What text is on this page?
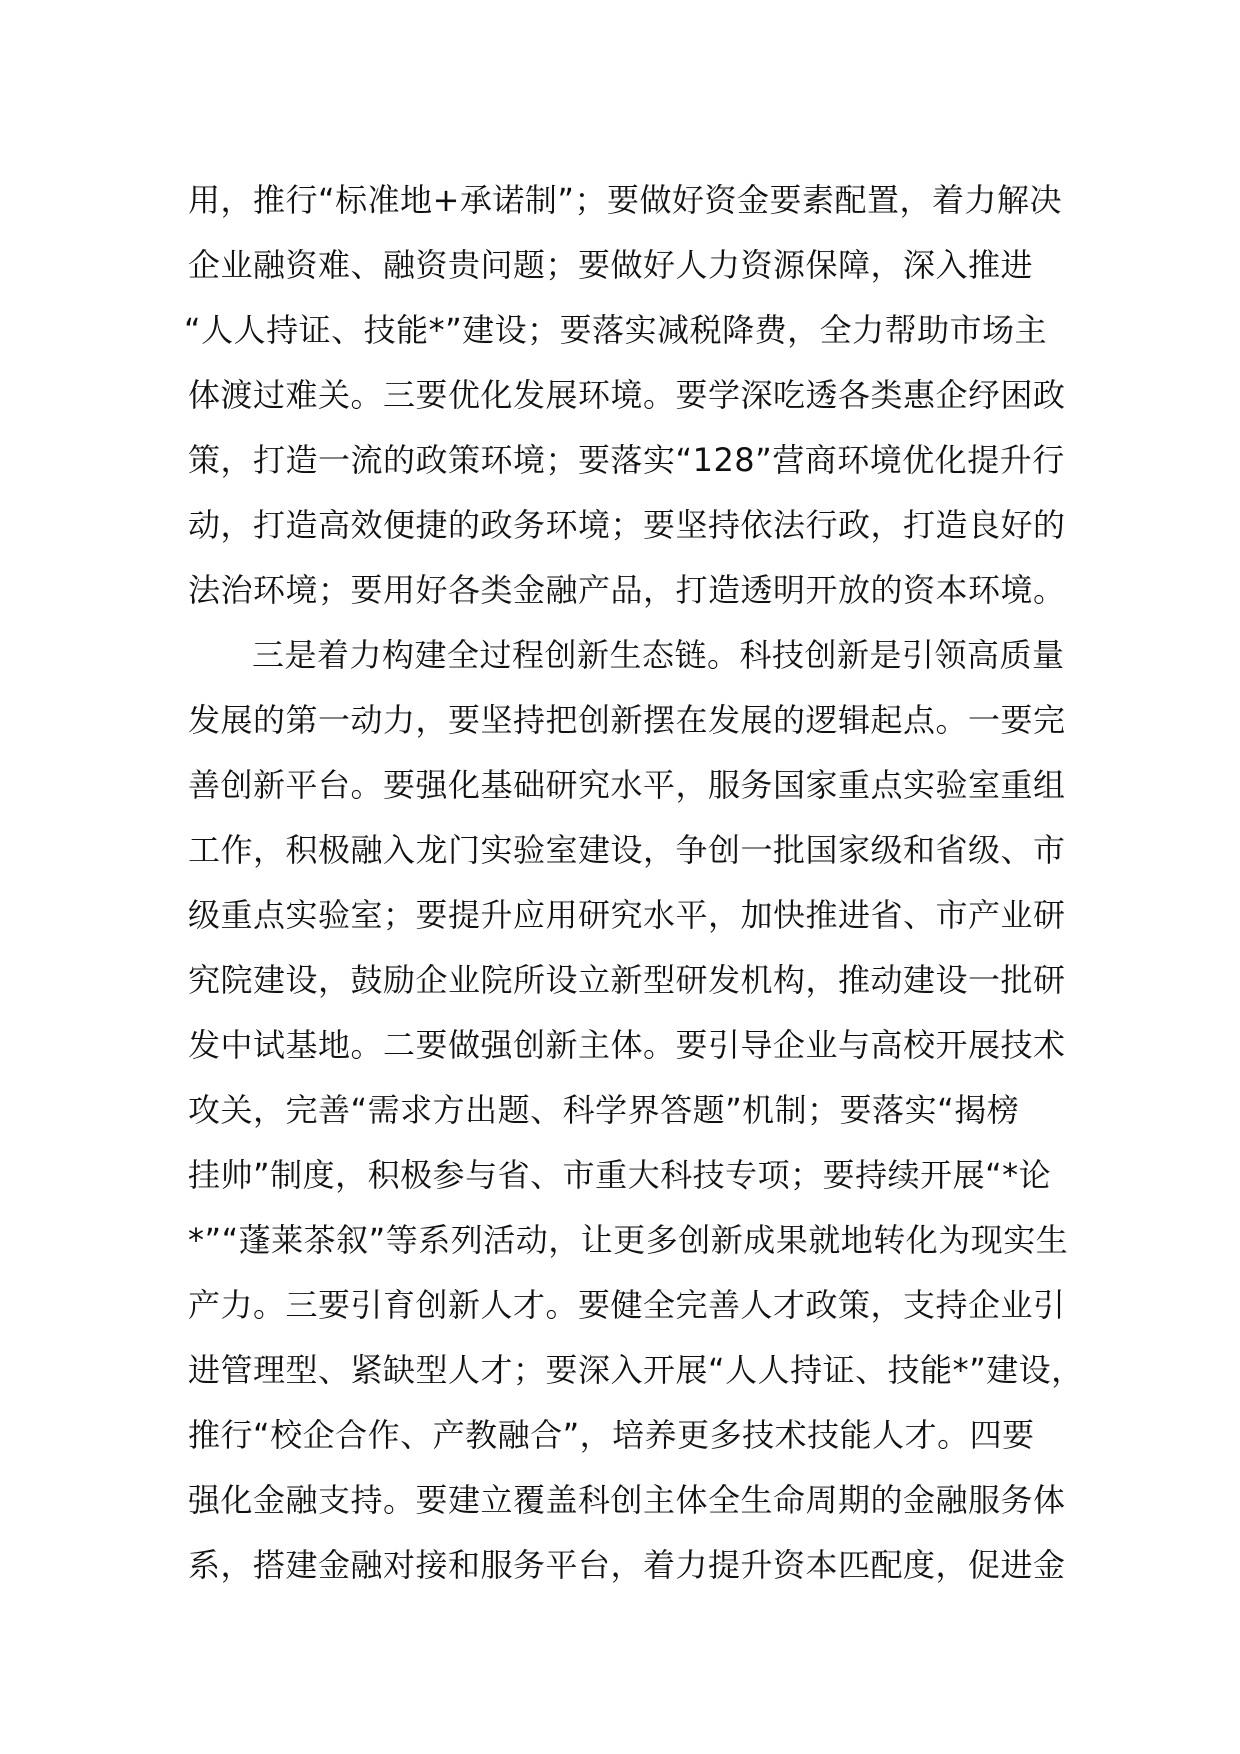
用，推行“标准地+承诺制”；要做好资金要素配置，着力解决
企业融资难、融资贵问题；要做好人力资源保障，深入推进
“人人持证、技能*”建设；要落实减税降费，全力帮助市场主
体渡过难关。三要优化发展环境。要学深吃透各类惠企纾困政
策，打造一流的政策环境；要落实“128”营商环境优化提升行
动，打造高效便捷的政务环境；要坚持依法行政，打造良好的
法治环境；要用好各类金融产品，打造透明开放的资本环境。
三是着力构建全过程创新生态链。科技创新是引领高质量
发展的第一动力，要坚持把创新摆在发展的逻辑起点。一要完
善创新平台。要强化基础研究水平，服务国家重点实验室重组
工作，积极融入龙门实验室建设，争创一批国家级和省级、市
级重点实验室；要提升应用研究水平，加快推进省、市产业研
究院建设，鼓励企业院所设立新型研发机构，推动建设一批研
发中试基地。二要做强创新主体。要引导企业与高校开展技术
攻关，完善“需求方出题、科学界答题”机制；要落实“揭榜
挂帅”制度，积极参与省、市重大科技专项；要持续开展“*论
*”“蓬莱茶叙”等系列活动，让更多创新成果就地转化为现实生
产力。三要引育创新人才。要健全完善人才政策，支持企业引
进管理型、紧缺型人才；要深入开展“人人持证、技能*”建设，
推行“校企合作、产教融合”，培养更多技术技能人才。四要
强化金融支持。要建立覆盖科创主体全生命周期的金融服务体
系，搭建金融对接和服务平台，着力提升资本匹配度，促进金
